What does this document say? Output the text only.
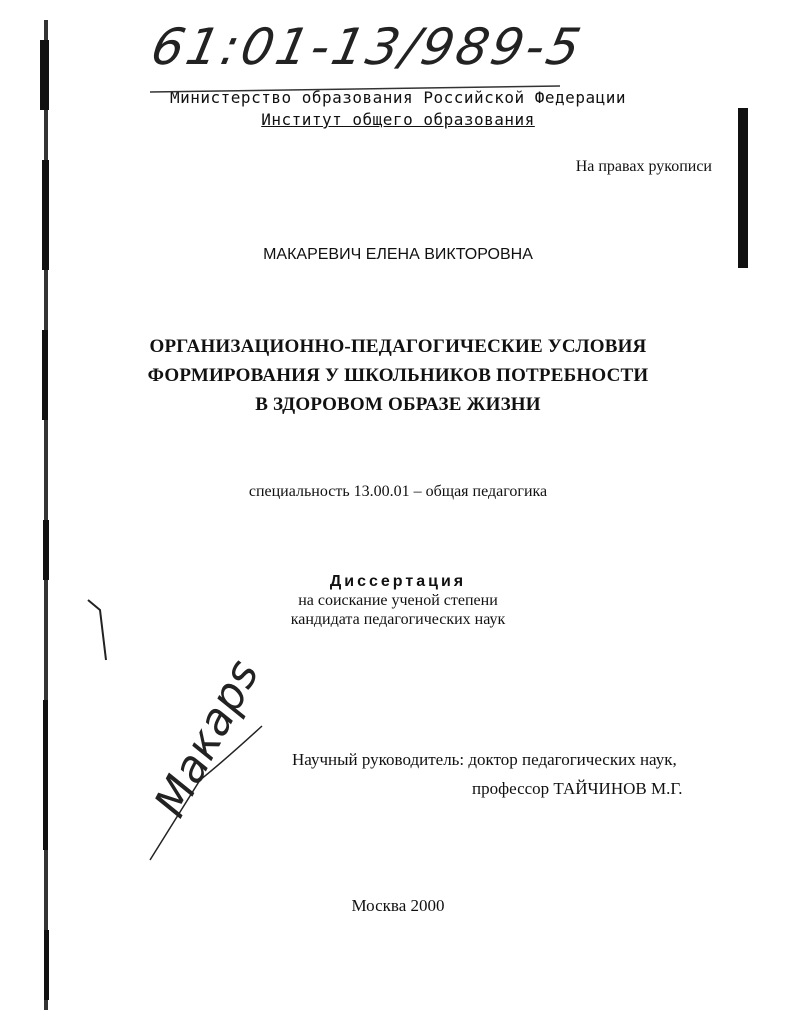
61:01-13/989-5
Министерство образования Российской Федерации
Институт общего образования
На правах рукописи
МАКАРЕВИЧ ЕЛЕНА ВИКТОРОВНА
ОРГАНИЗАЦИОННО-ПЕДАГОГИЧЕСКИЕ УСЛОВИЯ
ФОРМИРОВАНИЯ У ШКОЛЬНИКОВ ПОТРЕБНОСТИ
В ЗДОРОВОМ ОБРАЗЕ ЖИЗНИ
специальность 13.00.01 – общая педагогика
Диссертация
на соискание ученой степени
кандидата педагогических наук
Научный руководитель: доктор педагогических наук,
профессор ТАЙЧИНОВ М.Г.
Москва 2000
Макарs
